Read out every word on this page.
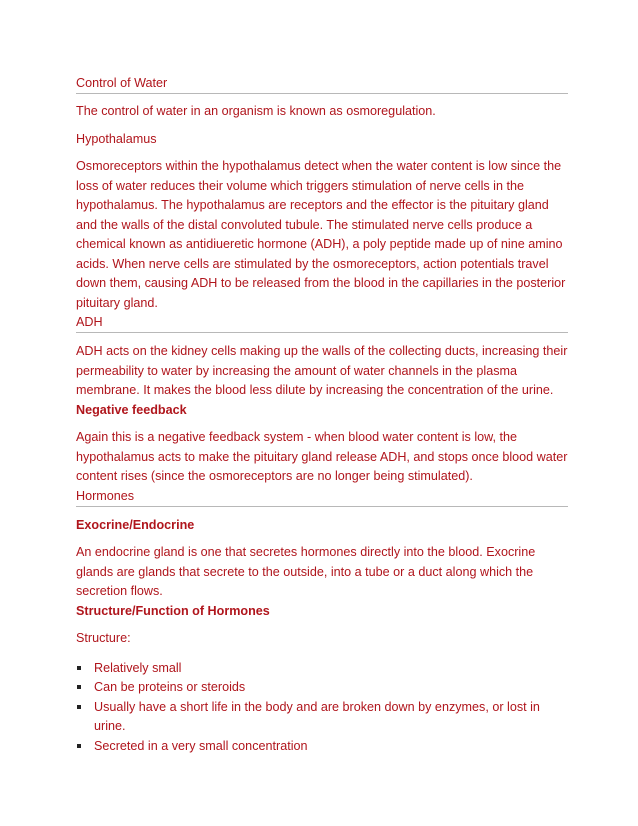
Control of Water

The control of water in an organism is known as osmoregulation.

Hypothalamus

Osmoreceptors within the hypothalamus detect when the water content is low since the loss of water reduces their volume which triggers stimulation of nerve cells in the hypothalamus. The hypothalamus are receptors and the effector is the pituitary gland and the walls of the distal convoluted tubule. The stimulated nerve cells produce a chemical known as antidiueretic hormone (ADH), a poly peptide made up of nine amino acids. When nerve cells are stimulated by the osmoreceptors, action potentials travel down them, causing ADH to be released from the blood in the capillaries in the posterior pituitary gland.

ADH

ADH acts on the kidney cells making up the walls of the collecting ducts, increasing their permeability to water by increasing the amount of water channels in the plasma membrane. It makes the blood less dilute by increasing the concentration of the urine.

Negative feedback

Again this is a negative feedback system - when blood water content is low, the hypothalamus acts to make the pituitary gland release ADH, and stops once blood water content rises (since the osmoreceptors are no longer being stimulated).

Hormones
Exocrine/Endocrine

An endocrine gland is one that secretes hormones directly into the blood. Exocrine glands are glands that secrete to the outside, into a tube or a duct along which the secretion flows.

Structure/Function of Hormones

Structure:

Relatively small
Can be proteins or steroids
Usually have a short life in the body and are broken down by enzymes, or lost in urine.
Secreted in a very small concentration
